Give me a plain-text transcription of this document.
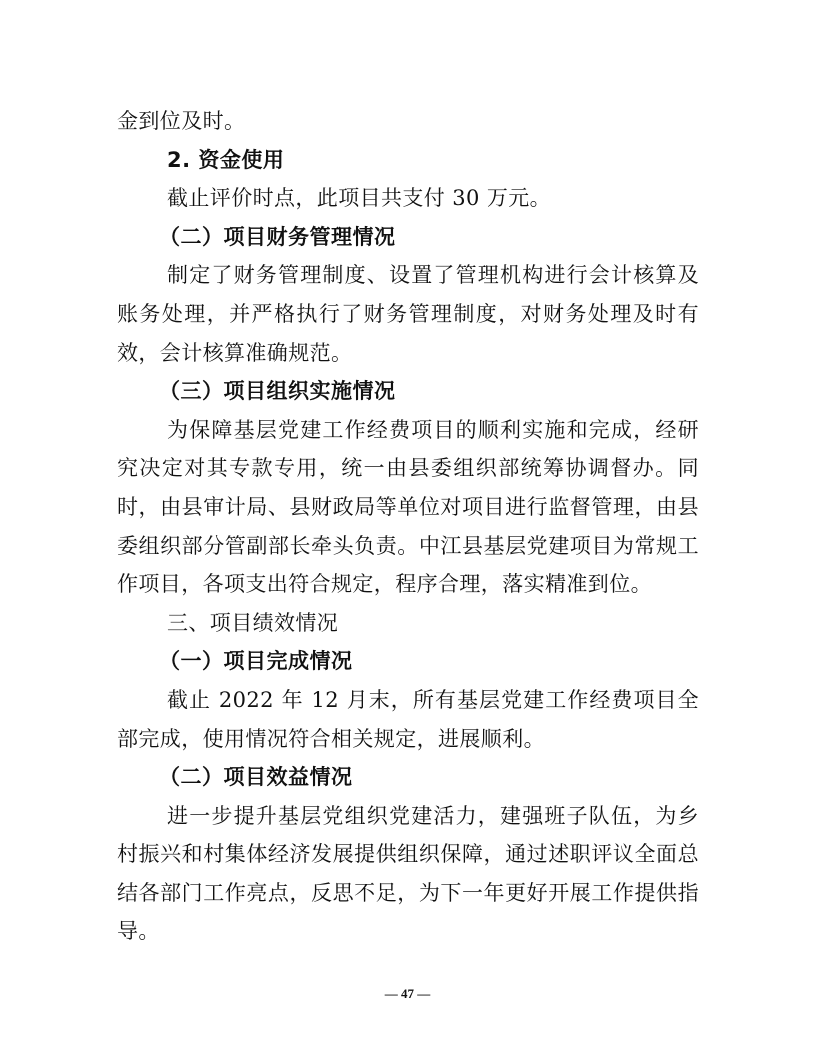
金到位及时。

2. 资金使用

截止评价时点，此项目共支付 30 万元。

（二）项目财务管理情况

制定了财务管理制度、设置了管理机构进行会计核算及账务处理，并严格执行了财务管理制度，对财务处理及时有效，会计核算准确规范。

（三）项目组织实施情况

为保障基层党建工作经费项目的顺利实施和完成，经研究决定对其专款专用，统一由县委组织部统筹协调督办。同时，由县审计局、县财政局等单位对项目进行监督管理，由县委组织部分管副部长牵头负责。中江县基层党建项目为常规工作项目，各项支出符合规定，程序合理，落实精准到位。

三、项目绩效情况

（一）项目完成情况

截止 2022 年 12 月末，所有基层党建工作经费项目全部完成，使用情况符合相关规定，进展顺利。

（二）项目效益情况

进一步提升基层党组织党建活力，建强班子队伍，为乡村振兴和村集体经济发展提供组织保障，通过述职评议全面总结各部门工作亮点，反思不足，为下一年更好开展工作提供指导。

— 47 —
